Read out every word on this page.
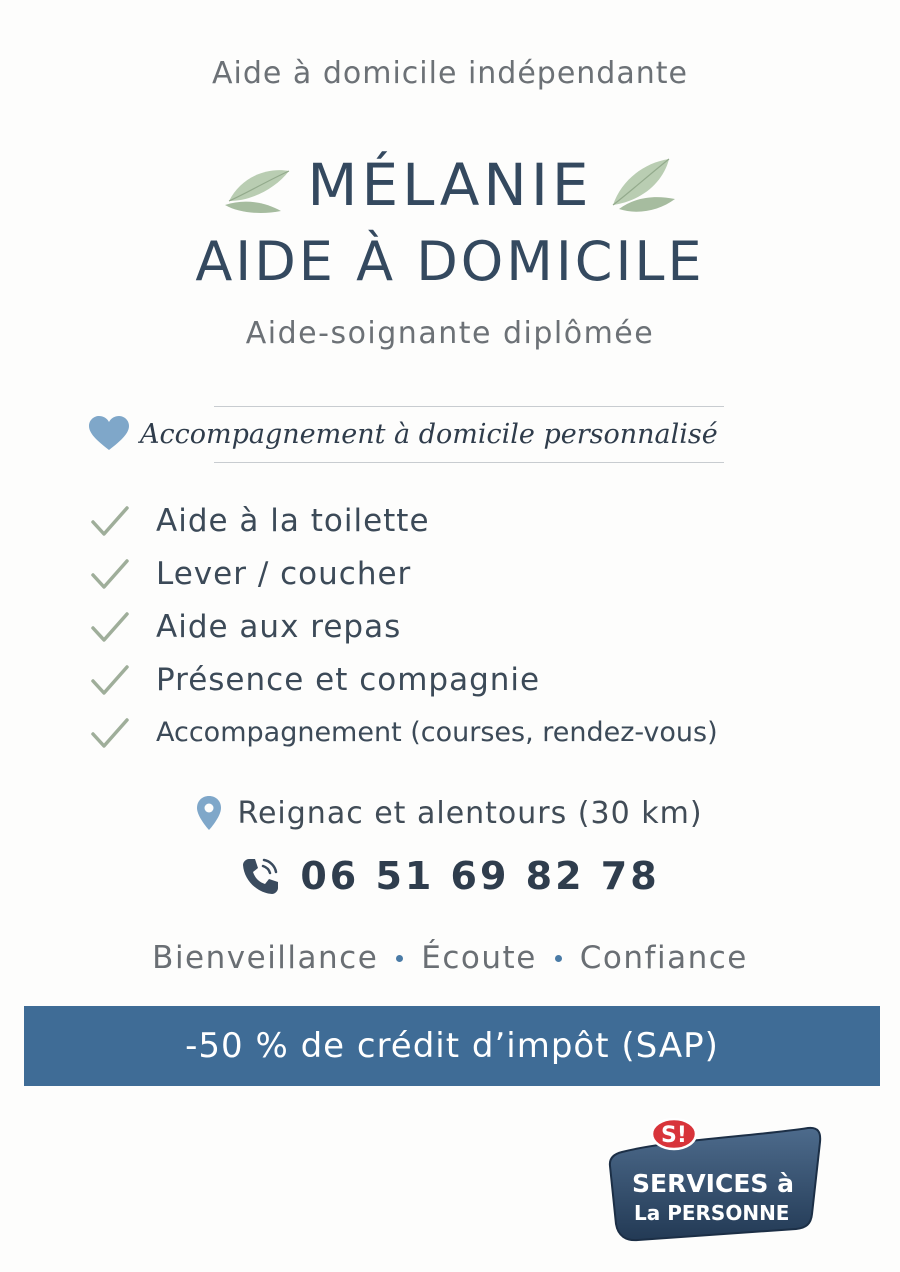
Aide à domicile indépendante
MÉLANIE
AIDE À DOMICILE
Aide-soignante diplômée
Accompagnement à domicile personnalisé
Aide à la toilette
Lever / coucher
Aide aux repas
Présence et compagnie
Accompagnement (courses, rendez-vous)
Reignac et alentours (30 km)
06 51 69 82 78
Bienveillance Écoute Confiance
-50 % de crédit d’impôt (SAP)
S!
SERVICES à
La PERSONNE
